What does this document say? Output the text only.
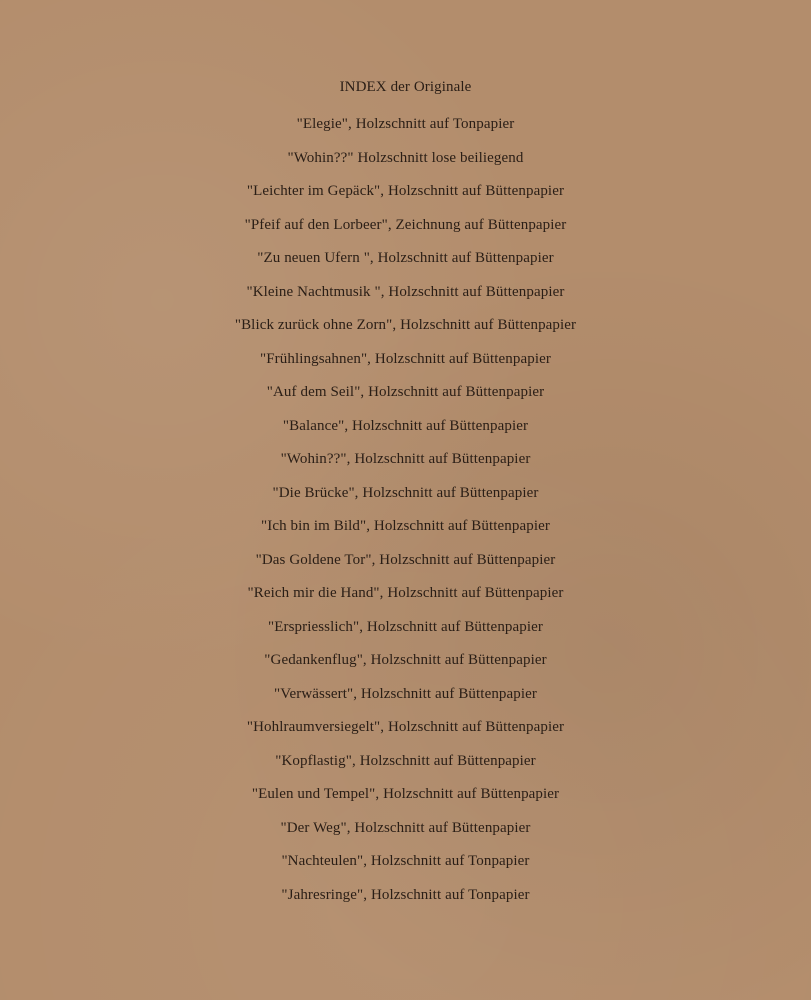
INDEX der Originale
"Elegie", Holzschnitt auf Tonpapier
"Wohin??" Holzschnitt lose beiliegend
"Leichter im Gepäck", Holzschnitt auf Büttenpapier
"Pfeif auf den Lorbeer", Zeichnung auf Büttenpapier
"Zu neuen Ufern ", Holzschnitt auf Büttenpapier
"Kleine Nachtmusik ", Holzschnitt auf Büttenpapier
"Blick zurück ohne Zorn", Holzschnitt auf Büttenpapier
"Frühlingsahnen", Holzschnitt auf Büttenpapier
"Auf dem Seil", Holzschnitt auf Büttenpapier
"Balance", Holzschnitt auf Büttenpapier
"Wohin??", Holzschnitt auf Büttenpapier
"Die Brücke", Holzschnitt auf Büttenpapier
"Ich bin im Bild", Holzschnitt auf Büttenpapier
"Das Goldene Tor", Holzschnitt auf Büttenpapier
"Reich mir die Hand", Holzschnitt auf Büttenpapier
"Erspriesslich", Holzschnitt auf Büttenpapier
"Gedankenflug", Holzschnitt auf Büttenpapier
"Verwässert", Holzschnitt auf Büttenpapier
"Hohlraumversiegelt", Holzschnitt auf Büttenpapier
"Kopflastig", Holzschnitt auf Büttenpapier
"Eulen und Tempel", Holzschnitt auf Büttenpapier
"Der Weg", Holzschnitt auf Büttenpapier
"Nachteulen", Holzschnitt auf Tonpapier
"Jahresringe", Holzschnitt auf Tonpapier
